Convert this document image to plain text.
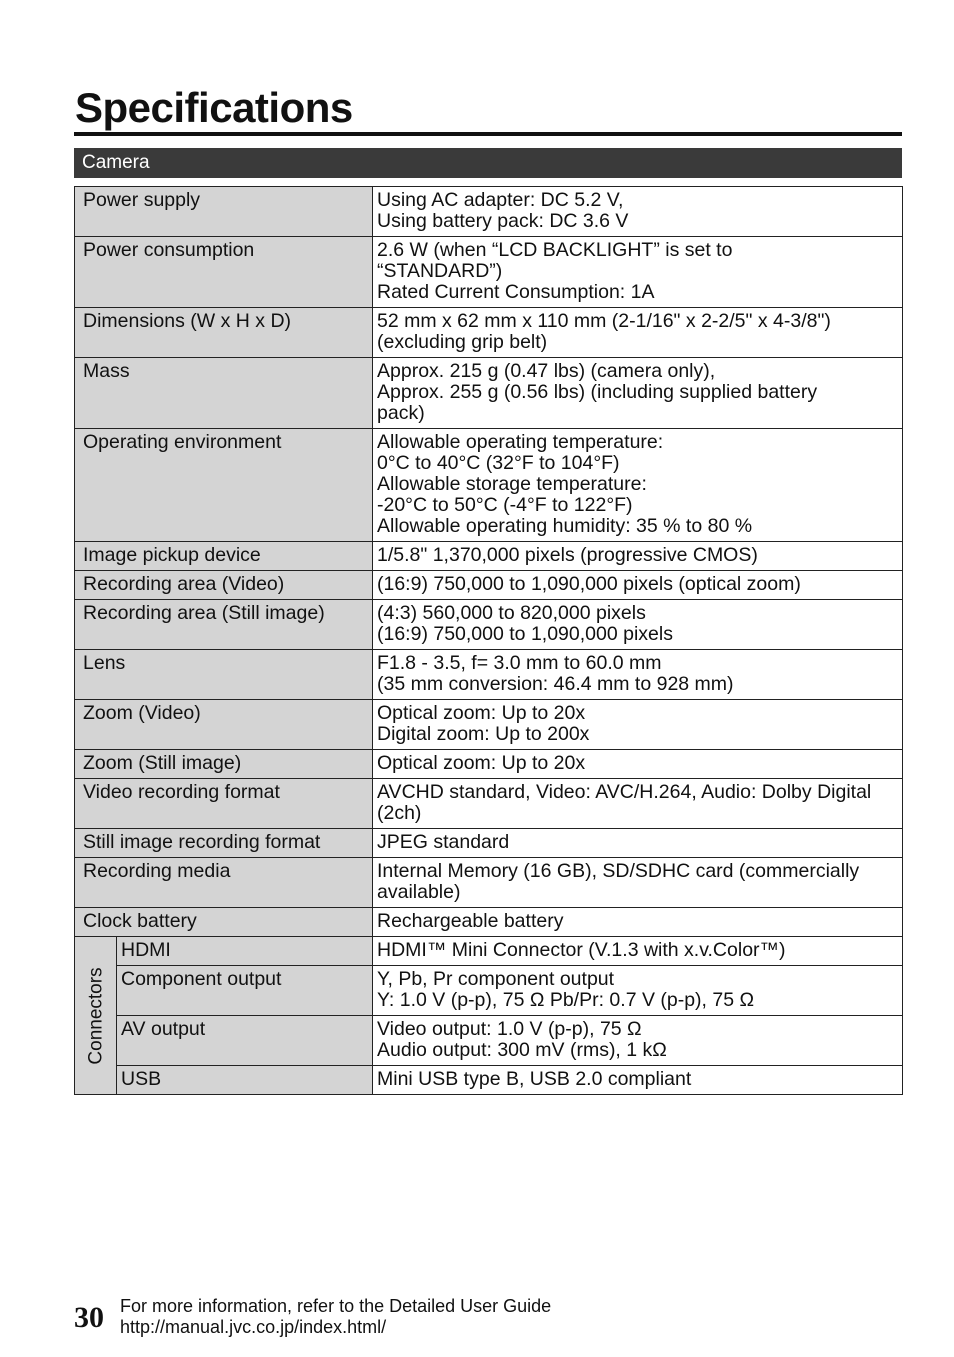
Specifications
Camera
Power supply		Using AC adapter: DC 5.2 V,
Using battery pack: DC 3.6 V

Power consumption		2.6 W (when “LCD BACKLIGHT” is set to
“STANDARD”)
Rated Current Consumption: 1A

Dimensions (W x H x D)		52 mm x 62 mm x 110 mm (2-1/16" x 2-2/5" x 4-3/8")
(excluding grip belt)

Mass		Approx. 215 g (0.47 lbs) (camera only),
Approx. 255 g (0.56 lbs) (including supplied battery
pack)

Operating environment		Allowable operating temperature:
0°C to 40°C (32°F to 104°F)
Allowable storage temperature:
-20°C to 50°C (-4°F to 122°F)
Allowable operating humidity: 35 % to 80 %

Image pickup device		1/5.8" 1,370,000 pixels (progressive CMOS)

Recording area (Video)		(16:9) 750,000 to 1,090,000 pixels (optical zoom)

Recording area (Still image)		(4:3) 560,000 to 820,000 pixels
(16:9) 750,000 to 1,090,000 pixels

Lens		F1.8 - 3.5, f= 3.0 mm to 60.0 mm
(35 mm conversion: 46.4 mm to 928 mm)

Zoom (Video)		Optical zoom: Up to 20x
Digital zoom: Up to 200x

Zoom (Still image)		Optical zoom: Up to 20x

Video recording format		AVCHD standard, Video: AVC/H.264, Audio: Dolby Digital
(2ch)

Still image recording format		JPEG standard

Recording media		Internal Memory (16 GB), SD/SDHC card (commercially
available)

Clock battery		Rechargeable battery

Connectors	HDMI	HDMI™ Mini Connector (V.1.3 with x.v.Color™)

	Component output	Y, Pb, Pr component output
Y: 1.0 V (p-p), 75 Ω Pb/Pr: 0.7 V (p-p), 75 Ω

	AV output	Video output: 1.0 V (p-p), 75 Ω
Audio output: 300 mV (rms), 1 kΩ

	USB	Mini USB type B, USB 2.0 compliant
30 For more information, refer to the Detailed User Guide
http://manual.jvc.co.jp/index.html/
